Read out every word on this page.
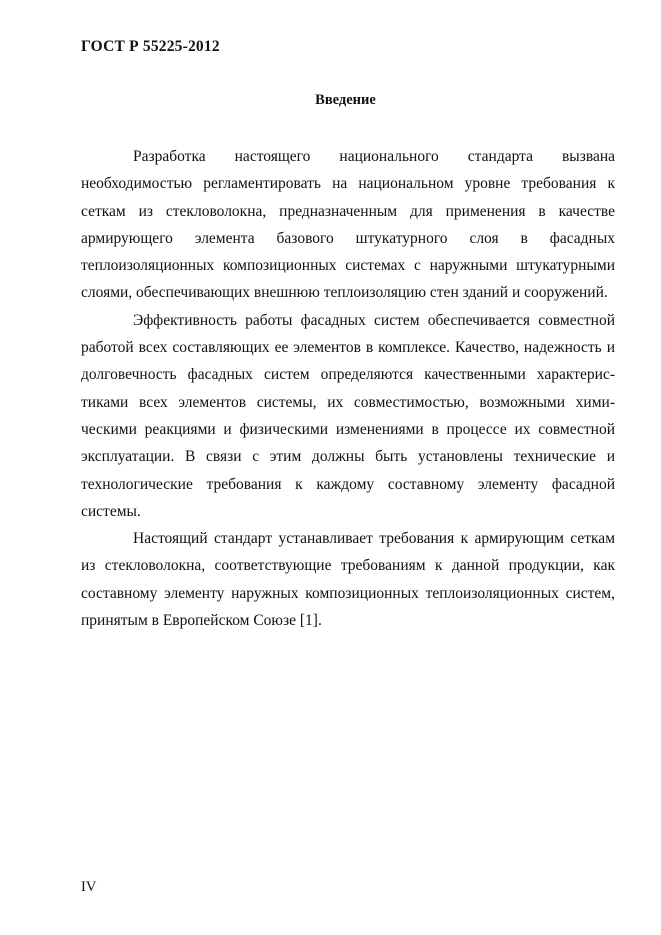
ГОСТ Р 55225-2012
Введение

Разработка настоящего национального стандарта вызвана необходимостью регламентировать на национальном уровне требования к сеткам из стекловолокна, предназначенным для применения в качестве армирующего элемента базового штукатурного слоя в фасадных теплоизоляционных композиционных системах с наружными штукатурными слоями, обеспечивающих внешнюю теплоизоляцию стен зданий и сооружений.

Эффективность работы фасадных систем обеспечивается совместной работой всех составляющих ее элементов в комплексе. Качество, надежность и долговечность фасадных систем определяются качественными характеристиками всех элементов системы, их совместимостью, возможными химическими реакциями и физическими изменениями в процессе их совместной эксплуатации. В связи с этим должны быть установлены технические и технологические требования к каждому составному элементу фасадной системы.

Настоящий стандарт устанавливает требования к армирующим сеткам из стекловолокна, соответствующие требованиям к данной продукции, как составному элементу наружных композиционных теплоизоляционных систем, принятым в Европейском Союзе [1].

IV
